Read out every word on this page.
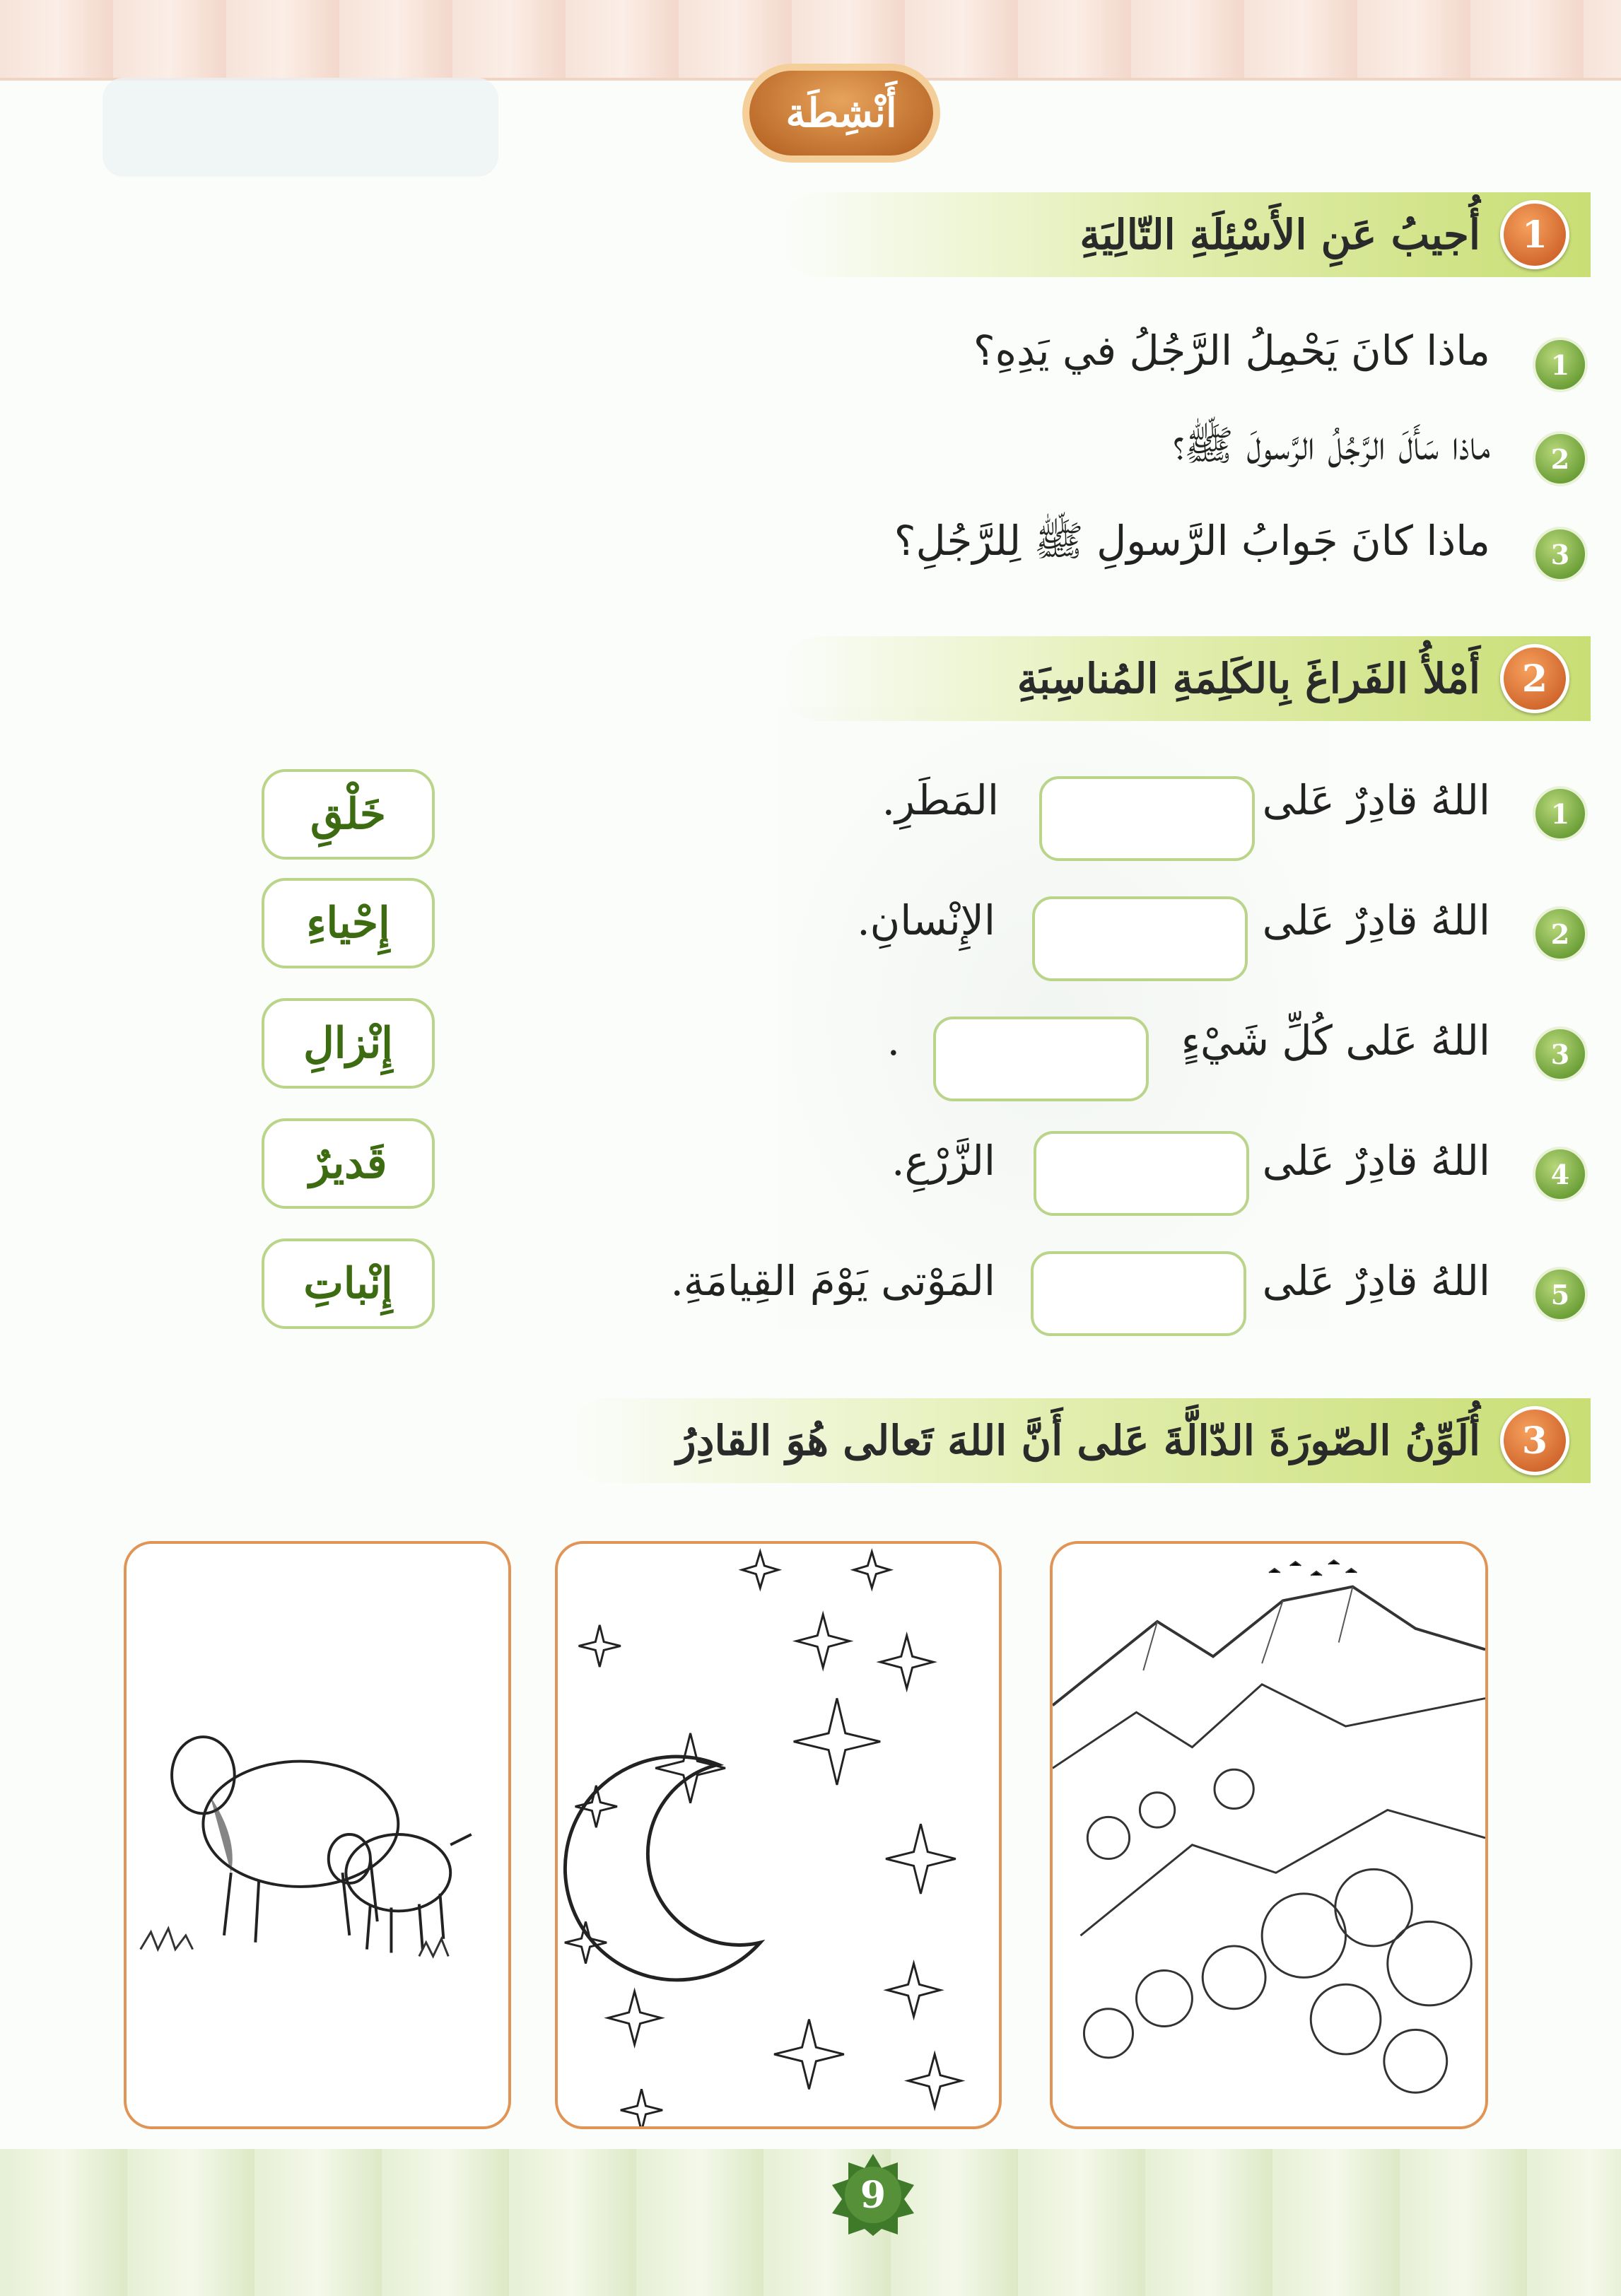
أَنْشِطَة
أُجيبُ عَنِ الأَسْئِلَةِ التّالِيَةِ	1
1
ماذا كانَ يَحْمِلُ الرَّجُلُ في يَدِهِ؟
2
ماذا سَأَلَ الرَّجُلُ الرَّسولَ ﷺ؟
3
ماذا كانَ جَوابُ الرَّسولِ ﷺ لِلرَّجُلِ؟
أَمْلأُ الفَراغَ بِالكَلِمَةِ المُناسِبَةِ	2
1
اللهُ قادِرٌ عَلى
المَطَرِ.
2
اللهُ قادِرٌ عَلى
الإِنْسانِ.
3
اللهُ عَلى كُلِّ شَيْءٍ
.
4
اللهُ قادِرٌ عَلى
الزَّرْعِ.
5
اللهُ قادِرٌ عَلى
المَوْتى يَوْمَ القِيامَةِ.
خَلْقِ
إِحْياءِ
إِنْزالِ
قَديرٌ
إِنْباتِ
أُلَوِّنُ الصّورَةَ الدّالَّةَ عَلى أَنَّ اللهَ تَعالى هُوَ القادِرُ	3
9
